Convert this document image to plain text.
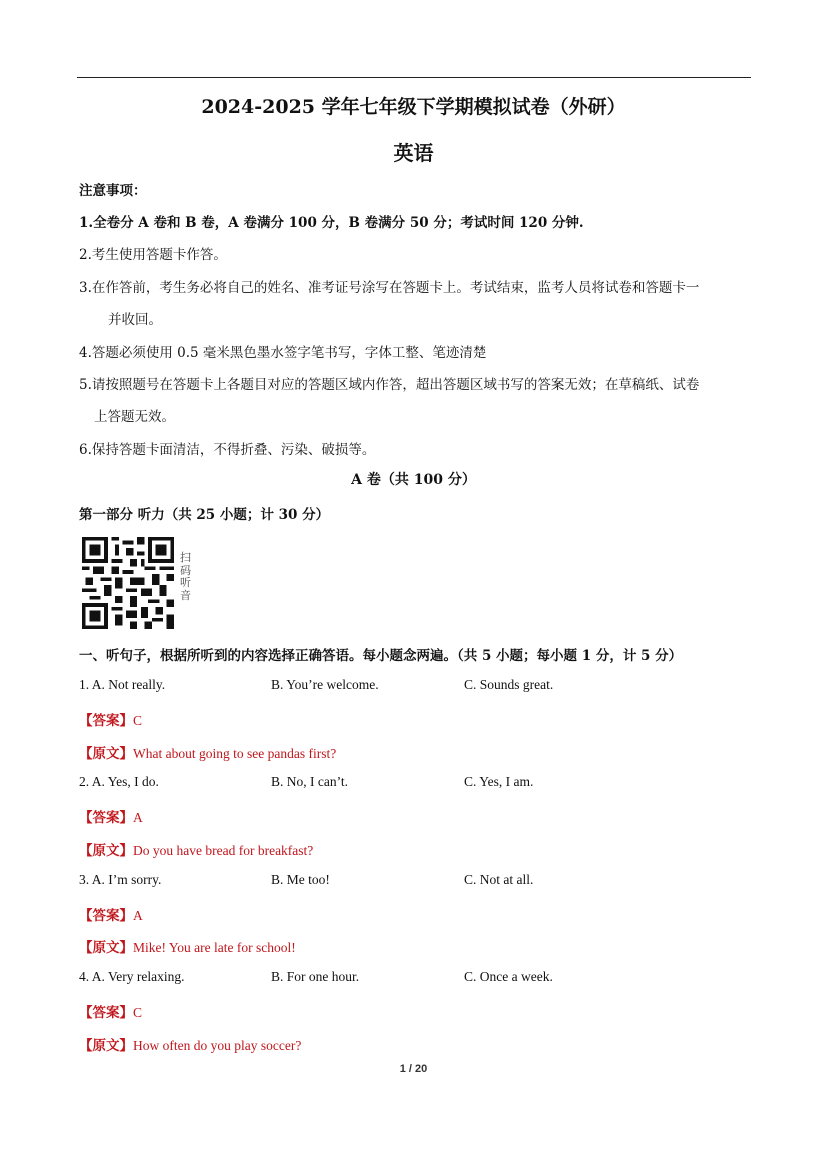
2024-2025 学年七年级下学期模拟试卷（外研）
英语
注意事项：
1.全卷分 A 卷和 B 卷，A 卷满分 100 分，B 卷满分 50 分；考试时间 120 分钟.
2.考生使用答题卡作答。
3.在作答前，考生务必将自己的姓名、准考证号涂写在答题卡上。考试结束，监考人员将试卷和答题卡一
并收回。
4.答题必须使用 0.5 毫米黑色墨水签字笔书写，字体工整、笔迹清楚
5.请按照题号在答题卡上各题目对应的答题区域内作答，超出答题区域书写的答案无效；在草稿纸、试卷
上答题无效。
6.保持答题卡面清洁，不得折叠、污染、破损等。
A 卷（共 100 分）
第一部分 听力（共 25 小题；计 30 分）
扫码听音
一、听句子，根据所听到的内容选择正确答语。每小题念两遍。（共 5 小题；每小题 1 分，计 5 分）
1. A. Not really.	B. You’re welcome.	C. Sounds great.
【答案】C
【原文】What about going to see pandas first?
2. A. Yes, I do.	B. No, I can’t.	C. Yes, I am.
【答案】A
【原文】Do you have bread for breakfast?
3. A. I’m sorry.	B. Me too!	C. Not at all.
【答案】A
【原文】Mike! You are late for school!
4. A. Very relaxing.	B. For one hour.	C. Once a week.
【答案】C
【原文】How often do you play soccer?
1 / 20
